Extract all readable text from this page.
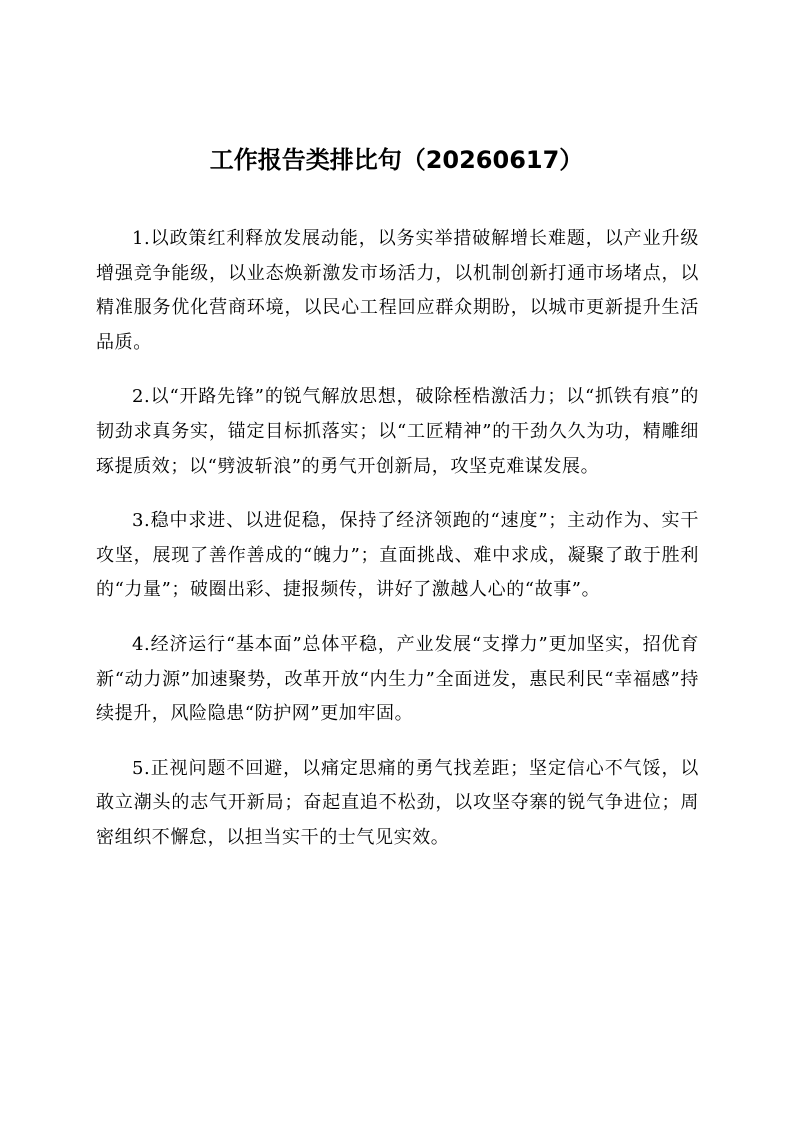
工作报告类排比句（20260617）

1.以政策红利释放发展动能，以务实举措破解增长难题，以产业升级增强竞争能级，以业态焕新激发市场活力，以机制创新打通市场堵点，以精准服务优化营商环境，以民心工程回应群众期盼，以城市更新提升生活品质。

2.以“开路先锋”的锐气解放思想，破除桎梏激活力；以“抓铁有痕”的韧劲求真务实，锚定目标抓落实；以“工匠精神”的干劲久久为功，精雕细琢提质效；以“劈波斩浪”的勇气开创新局，攻坚克难谋发展。

3.稳中求进、以进促稳，保持了经济领跑的“速度”；主动作为、实干攻坚，展现了善作善成的“魄力”；直面挑战、难中求成，凝聚了敢于胜利的“力量”；破圈出彩、捷报频传，讲好了激越人心的“故事”。

4.经济运行“基本面”总体平稳，产业发展“支撑力”更加坚实，招优育新“动力源”加速聚势，改革开放“内生力”全面迸发，惠民利民“幸福感”持续提升，风险隐患“防护网”更加牢固。

5.正视问题不回避，以痛定思痛的勇气找差距；坚定信心不气馁，以敢立潮头的志气开新局；奋起直追不松劲，以攻坚夺寨的锐气争进位；周密组织不懈怠，以担当实干的士气见实效。
